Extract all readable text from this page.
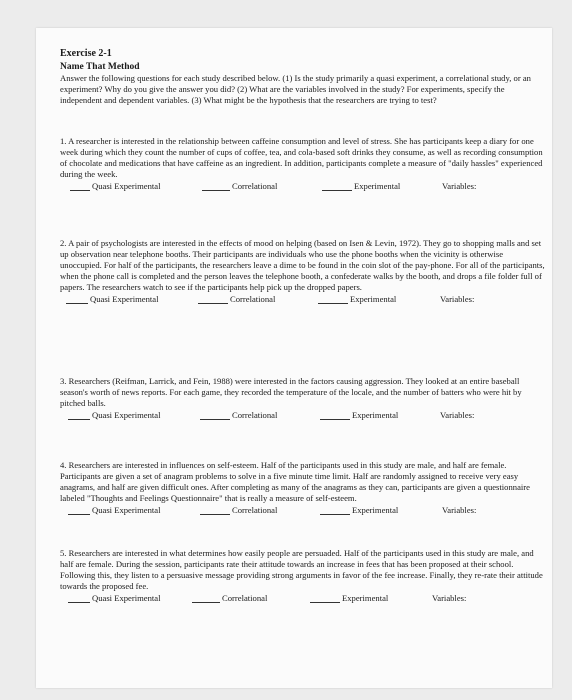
Exercise 2-1
Name That Method

Answer the following questions for each study described below. (1) Is the study primarily a quasi experiment, a correlational study, or an experiment? Why do you give the answer you did? (2) What are the variables involved in the study? For experiments, specify the independent and dependent variables. (3) What might be the hypothesis that the researchers are trying to test?

1. A researcher is interested in the relationship between caffeine consumption and level of stress. She has participants keep a diary for one week during which they count the number of cups of coffee, tea, and cola-based soft drinks they consume, as well as recording consumption of chocolate and medications that have caffeine as an ingredient. In addition, participants complete a measure of "daily hassles" experienced during the week.

Quasi Experimental	Correlational	Experimental	Variables:

2. A pair of psychologists are interested in the effects of mood on helping (based on Isen & Levin, 1972). They go to shopping malls and set up observation near telephone booths. Their participants are individuals who use the phone booths when the vicinity is otherwise unoccupied. For half of the participants, the researchers leave a dime to be found in the coin slot of the pay-phone. For all of the participants, when the phone call is completed and the person leaves the telephone booth, a confederate walks by the booth, and drops a file folder full of papers. The researchers watch to see if the participants help pick up the dropped papers.

Quasi Experimental	Correlational	Experimental	Variables:

3. Researchers (Reifman, Larrick, and Fein, 1988) were interested in the factors causing aggression. They looked at an entire baseball season's worth of news reports. For each game, they recorded the temperature of the locale, and the number of batters who were hit by pitched balls.

Quasi Experimental	Correlational	Experimental	Variables:

4. Researchers are interested in influences on self-esteem. Half of the participants used in this study are male, and half are female. Participants are given a set of anagram problems to solve in a five minute time limit. Half are randomly assigned to receive very easy anagrams, and half are given difficult ones. After completing as many of the anagrams as they can, participants are given a questionnaire labeled "Thoughts and Feelings Questionnaire" that is really a measure of self-esteem.

Quasi Experimental	Correlational	Experimental	Variables:

5. Researchers are interested in what determines how easily people are persuaded. Half of the participants used in this study are male, and half are female. During the session, participants rate their attitude towards an increase in fees that has been proposed at their school. Following this, they listen to a persuasive message providing strong arguments in favor of the fee increase. Finally, they re-rate their attitude towards the proposed fee.

Quasi Experimental	Correlational	Experimental	Variables:
